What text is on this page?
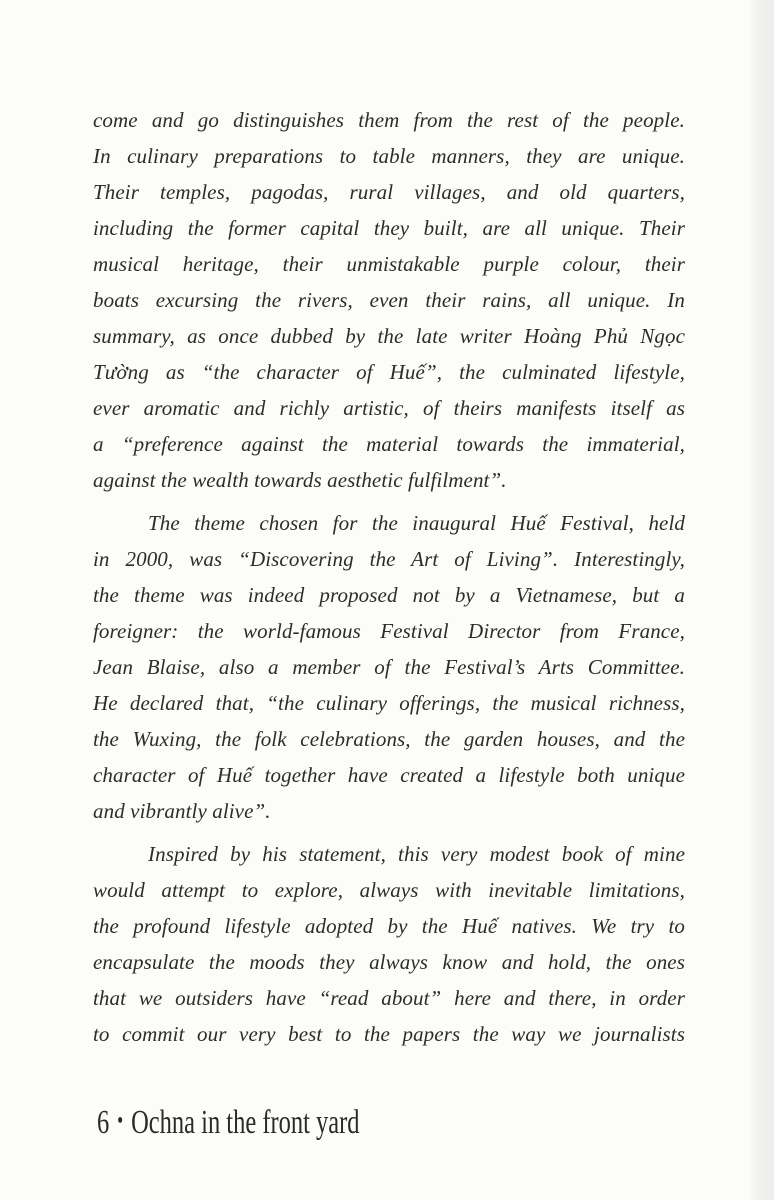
come and go distinguishes them from the rest of the people.
In culinary preparations to table manners, they are unique.
Their temples, pagodas, rural villages, and old quarters,
including the former capital they built, are all unique. Their
musical heritage, their unmistakable purple colour, their
boats excursing the rivers, even their rains, all unique. In
summary, as once dubbed by the late writer Hoàng Phủ Ngọc
Tường as “the character of Huế”, the culminated lifestyle,
ever aromatic and richly artistic, of theirs manifests itself as
a “preference against the material towards the immaterial,
against the wealth towards aesthetic fulfilment”.
The theme chosen for the inaugural Huế Festival, held
in 2000, was “Discovering the Art of Living”. Interestingly,
the theme was indeed proposed not by a Vietnamese, but a
foreigner: the world-famous Festival Director from France,
Jean Blaise, also a member of the Festival’s Arts Committee.
He declared that, “the culinary offerings, the musical richness,
the Wuxing, the folk celebrations, the garden houses, and the
character of Huế together have created a lifestyle both unique
and vibrantly alive”.
Inspired by his statement, this very modest book of mine
would attempt to explore, always with inevitable limitations,
the profound lifestyle adopted by the Huế natives. We try to
encapsulate the moods they always know and hold, the ones
that we outsiders have “read about” here and there, in order
to commit our very best to the papers the way we journalists
6 • Ochna in the front yard
